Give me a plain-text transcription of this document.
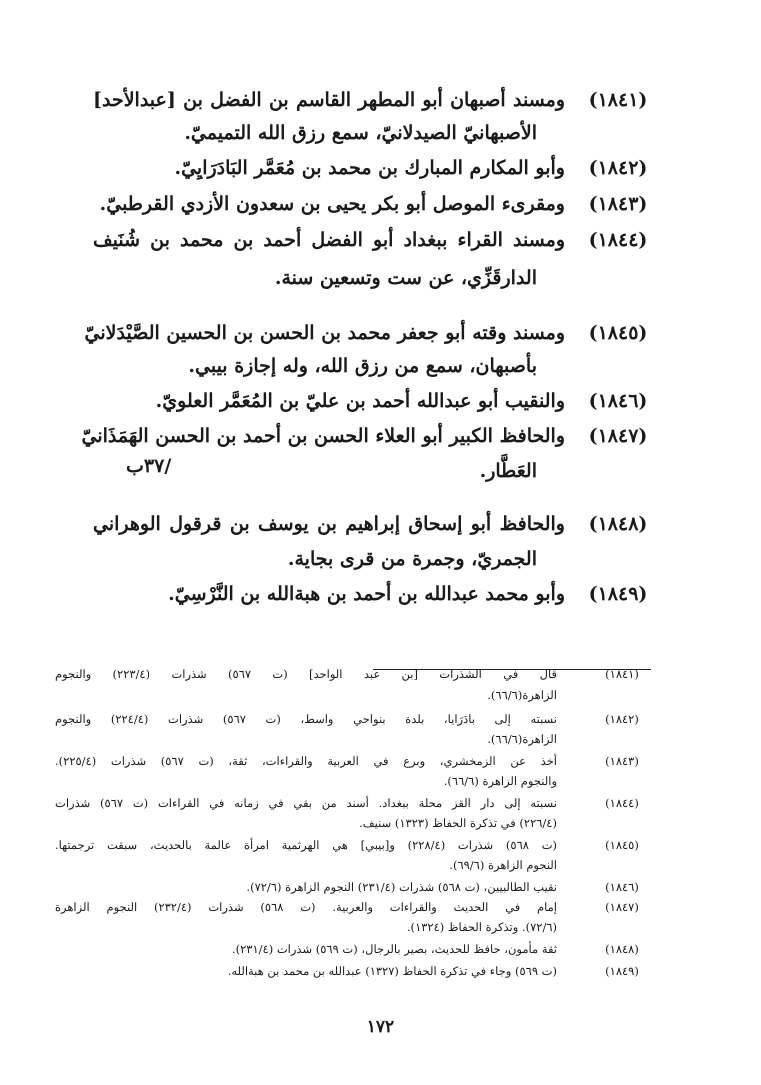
(١٨٤١)
ومسند أصبهان أبو المطهر القاسم بن الفضل بن [عبدالأحد]
الأصبهانيّ الصيدلانيّ، سمع رزق الله التميميّ.
(١٨٤٢)
وأبو المكارم المبارك بن محمد بن مُعَمَّر البَادَرَايِيّ.
(١٨٤٣)
ومقرىء الموصل أبو بكر يحيى بن سعدون الأزدي القرطبيّ.
(١٨٤٤)
ومسند القراء ببغداد أبو الفضل أحمد بن محمد بن شُنَيف
الدارقَزِّي، عن ست وتسعين سنة.
(١٨٤٥)
ومسند وقته أبو جعفر محمد بن الحسن بن الحسين الصَّيْدَلانيّ
بأصبهان، سمع من رزق الله، وله إجازة بيبي.
(١٨٤٦)
والنقيب أبو عبدالله أحمد بن عليّ بن المُعَمَّر العلويّ.
(١٨٤٧)
والحافظ الكبير أبو العلاء الحسن بن أحمد بن الحسن الهَمَذَانيّ
العَطَّار.
/٣٧ب
(١٨٤٨)
والحافظ أبو إسحاق إبراهيم بن يوسف بن قرقول الوهراني
الجمريّ، وجمرة من قرى بجاية.
(١٨٤٩)
وأبو محمد عبدالله بن أحمد بن هبةالله بن النَّرْسِيّ.
(١٨٤١)
قال في الشذرات [بن عبد الواحد] (ت ٥٦٧) شذرات (٢٢٣/٤) والنجوم
الزاهرة(٦٦/٦).
(١٨٤٢)
نسبته إلى بادَرَايا، بلدة بنواحي واسط، (ت ٥٦٧) شذرات (٢٢٤/٤) والنجوم
الزاهرة(٦٦/٦).
(١٨٤٣)
أخذ عن الزمخشري، وبرع في العربية والقراءات، ثقة، (ت ٥٦٧) شذرات (٢٢٥/٤).
والنجوم الزاهرة (٦٦/٦).
(١٨٤٤)
نسبته إلى دار القز محلة ببغداد. أسند من بقي في زمانه في القراءات (ت ٥٦٧) شذرات
(٢٢٦/٤) في تذكرة الحفاظ (١٣٢٣) سنيف.
(١٨٤٥)
(ت ٥٦٨) شذرات (٢٢٨/٤) و[بيبي] هي الهرثمية امرأة عالمة بالحديث، سبقت ترجمتها.
النجوم الزاهرة (٦٩/٦).
(١٨٤٦)
نقيب الطالبيين، (ت ٥٦٨) شذرات (٢٣١/٤) النجوم الزاهرة (٧٢/٦).
(١٨٤٧)
إمام في الحديث والقراءات والعربية. (ت ٥٦٨) شذرات (٢٣٢/٤) النجوم الزاهرة
(٧٢/٦). وتذكرة الحفاظ (١٣٢٤).
(١٨٤٨)
ثقة مأمون، حافظ للحديث، بصير بالرجال، (ت ٥٦٩) شذرات (٢٣١/٤).
(١٨٤٩)
(ت ٥٦٩) وجاء في تذكرة الحفاظ (١٣٢٧) عبدالله بن محمد بن هبةالله.
١٧٢
